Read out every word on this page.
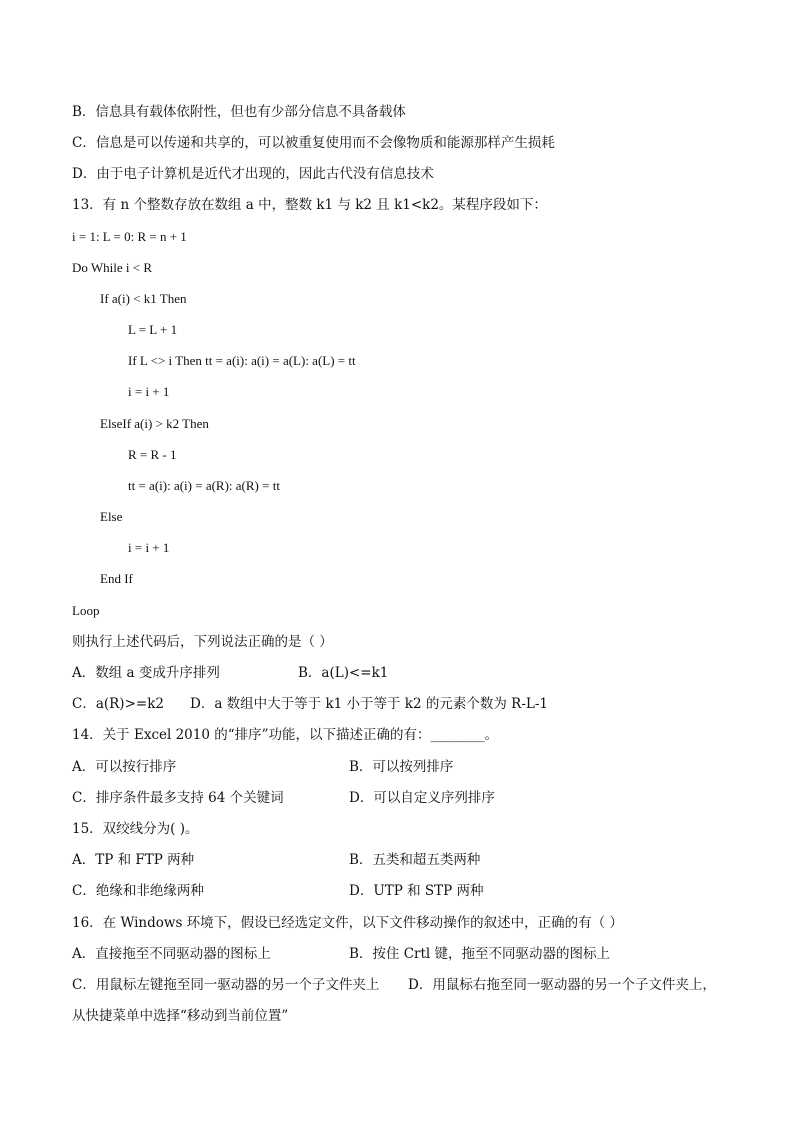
B．信息具有载体依附性，但也有少部分信息不具备载体
C．信息是可以传递和共享的，可以被重复使用而不会像物质和能源那样产生损耗
D．由于电子计算机是近代才出现的，因此古代没有信息技术
13．有 n 个整数存放在数组 a 中，整数 k1 与 k2 且 k1<k2。某程序段如下：
i = 1: L = 0: R = n + 1
Do While i < R
If a(i) < k1 Then
L = L + 1
If L <> i Then tt = a(i): a(i) = a(L): a(L) = tt
i = i + 1
ElseIf a(i) > k2 Then
R = R - 1
tt = a(i): a(i) = a(R): a(R) = tt
Else
i = i + 1
End If
Loop
则执行上述代码后，下列说法正确的是（ ）
A．数组 a 变成升序排列	B．a(L)<=k1
C．a(R)>=k2 D．a 数组中大于等于 k1 小于等于 k2 的元素个数为 R-L-1
14．关于 Excel 2010 的“排序”功能，以下描述正确的有：________。
A．可以按行排序	B．可以按列排序
C．排序条件最多支持 64 个关键词	D．可以自定义序列排序
15．双绞线分为( )。
A．TP 和 FTP 两种	B．五类和超五类两种
C．绝缘和非绝缘两种	D．UTP 和 STP 两种
16．在 Windows 环境下，假设已经选定文件，以下文件移动操作的叙述中，正确的有（ ）
A．直接拖至不同驱动器的图标上	B．按住 Crtl 键，拖至不同驱动器的图标上
C．用鼠标左键拖至同一驱动器的另一个子文件夹上 D．用鼠标右拖至同一驱动器的另一个子文件夹上，
从快捷菜单中选择“移动到当前位置”
